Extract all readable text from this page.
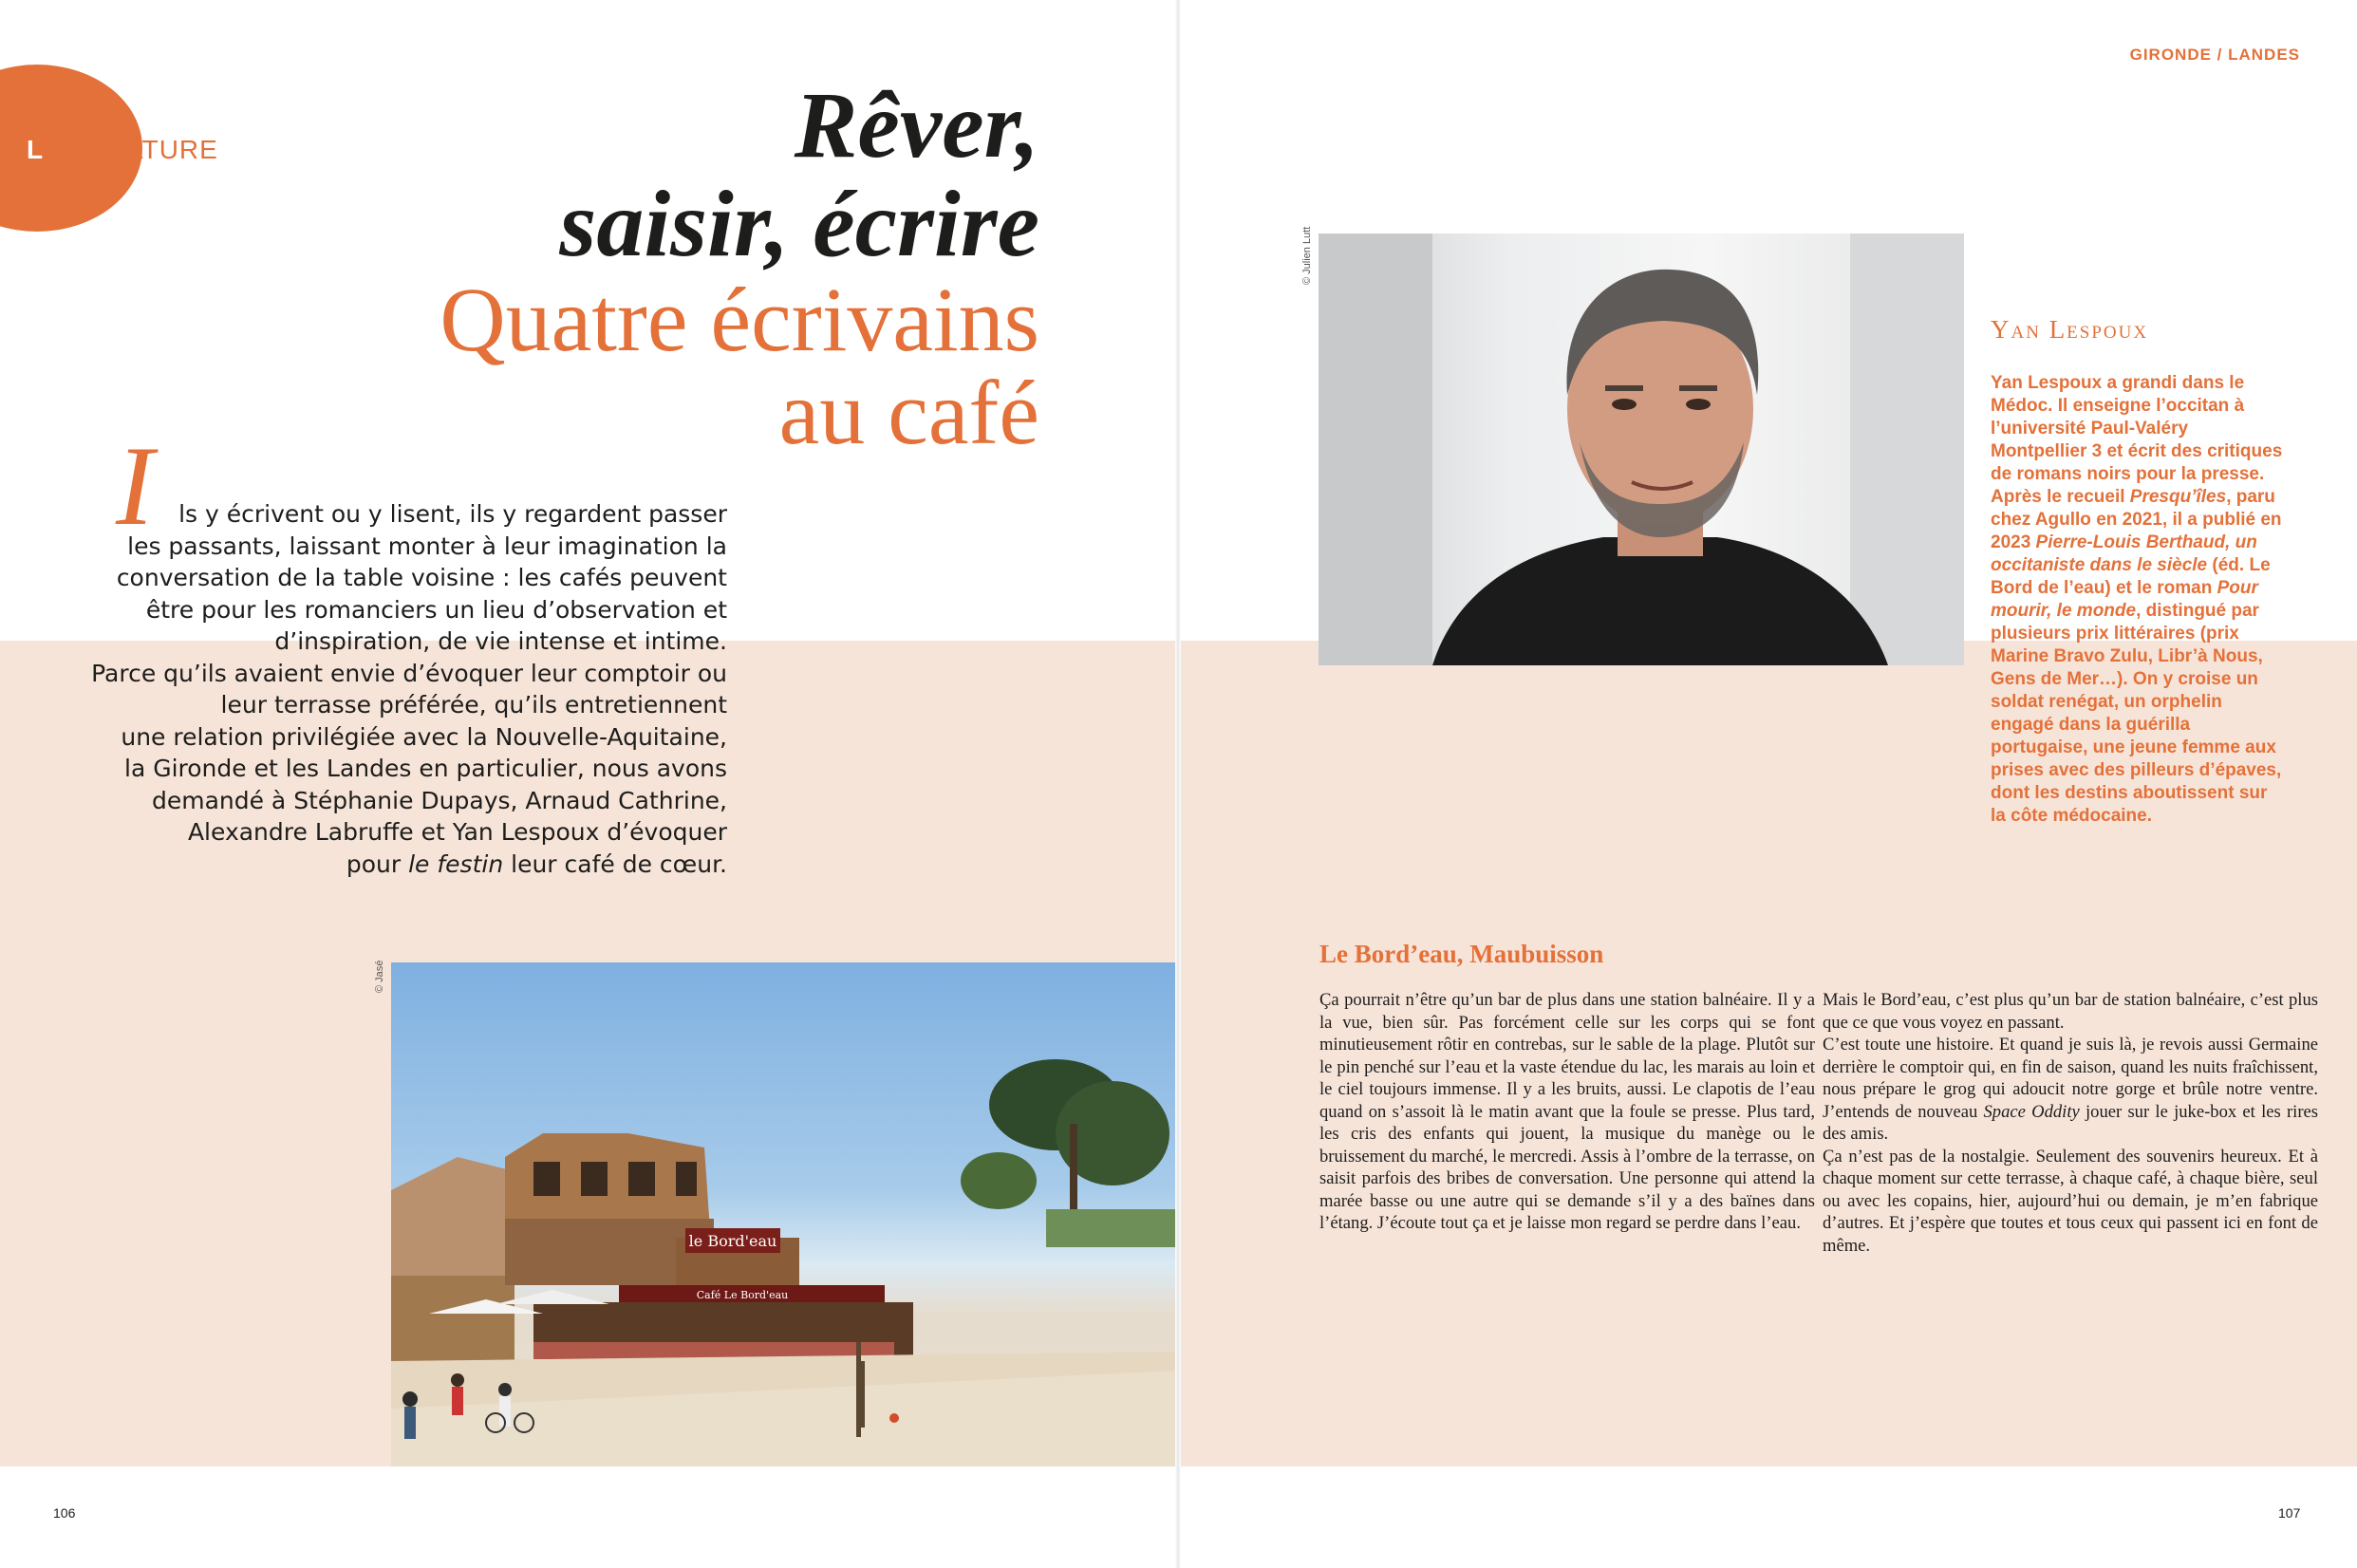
LITTÉRATURE	Rêver,
saisir, écrire
Quatre écrivains
au café
I	ls y écrivent ou y lisent, ils y regardent passer
les passants, laissant monter à leur imagination la
conversation de la table voisine : les cafés peuvent
être pour les romanciers un lieu d’observation et
d’inspiration, de vie intense et intime.
Parce qu’ils avaient envie d’évoquer leur comptoir ou
leur terrasse préférée, qu’ils entretiennent
une relation privilégiée avec la Nouvelle-Aquitaine,
la Gironde et les Landes en particulier, nous avons
demandé à Stéphanie Dupays, Arnaud Cathrine,
Alexandre Labruffe et Yan Lespoux d’évoquer
pour le festin leur café de cœur.
© Jasé
le Bord'eau
Café Le Bord'eau
106
GIRONDE / LANDES
© Julien Lutt
Yan Lespoux
Yan Lespoux a grandi dans le Médoc. Il enseigne l’occitan à l’université Paul-Valéry Montpellier 3 et écrit des critiques de romans noirs pour la presse. Après le recueil Presqu’îles, paru chez Agullo en 2021, il a publié en 2023 Pierre-Louis Berthaud, un occitaniste dans le siècle (éd. Le Bord de l’eau) et le roman Pour mourir, le monde, distingué par plusieurs prix littéraires (prix Marine Bravo Zulu, Libr’à Nous, Gens de Mer…). On y croise un soldat renégat, un orphelin engagé dans la guérilla portugaise, une jeune femme aux prises avec des pilleurs d’épaves, dont les destins aboutissent sur la côte médocaine.
Le Bord’eau, Maubuisson

Ça pourrait n’être qu’un bar de plus dans une station balnéaire. Il y a la vue, bien sûr. Pas forcément celle sur les corps qui se font minutieusement rôtir en contrebas, sur le sable de la plage. Plutôt sur le pin penché sur l’eau et la vaste étendue du lac, les marais au loin et le ciel toujours immense. Il y a les bruits, aussi. Le clapotis de l’eau quand on s’assoit là le matin avant que la foule se presse. Plus tard, les cris des enfants qui jouent, la musique du manège ou le bruissement du marché, le mercredi. Assis à l’ombre de la terrasse, on saisit parfois des bribes de conversation. Une personne qui attend la marée basse ou une autre qui se demande s’il y a des baïnes dans l’étang. J’écoute tout ça et je laisse mon regard se perdre dans l’eau.

Mais le Bord’eau, c’est plus qu’un bar de station balnéaire, c’est plus que ce que vous voyez en passant.

C’est toute une histoire. Et quand je suis là, je revois aussi Germaine derrière le comptoir qui, en fin de saison, quand les nuits fraîchissent, nous prépare le grog qui adoucit notre gorge et brûle notre ventre. J’entends de nouveau Space Oddity jouer sur le juke-box et les rires des amis.

Ça n’est pas de la nostalgie. Seulement des souvenirs heureux. Et à chaque moment sur cette terrasse, à chaque café, à chaque bière, seul ou avec les copains, hier, aujourd’hui ou demain, je m’en fabrique d’autres. Et j’espère que toutes et tous ceux qui passent ici en font de même.

107
